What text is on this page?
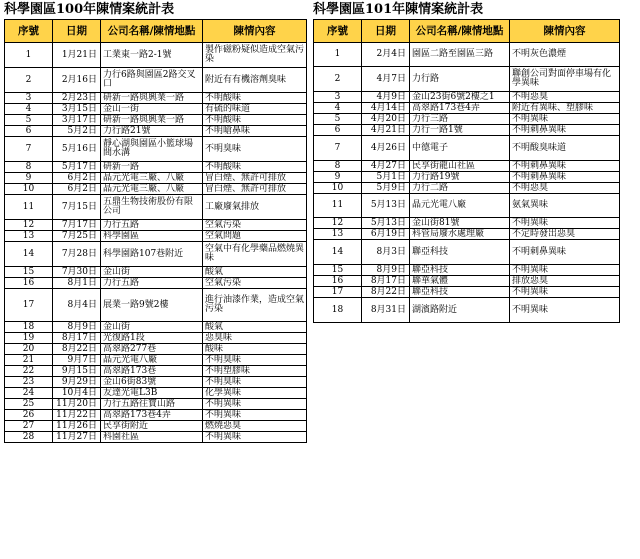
科學園區100年陳情案統計表
序號	日期	公司名稱/陳情地點	陳情內容
1	1月21日	工業東一路2-1號	製作磁粉疑似造成空氣污染
2	2月16日	力行6路與園區2路交叉口	附近有有機溶劑臭味
3	2月23日	研新一路與興業一路	不明酸味
4	3月15日	金山一街	有硫的味道
5	3月17日	研新一路與興業一路	不明酸味
6	5月2日	力行路21號	不明嗆鼻味
7	5月16日	靜心湖與園區小籃球場間水溝	不明臭味
8	5月17日	研新一路	不明酸味
9	6月2日	晶元光電三廠、八廠	冒白煙、無許可排放
10	6月2日	晶元光電三廠、八廠	冒白煙、無許可排放
11	7月15日	五鼎生物技術股份有限公司	工廠廢氣排放
12	7月17日	力行五路	空氣污染
13	7月25日	科學園區	空氣問題
14	7月28日	科學園路107巷附近	空氣中有化學藥品燃燒異味
15	7月30日	金山街	酸氣
16	8月1日	力行五路	空氣污染
17	8月4日	展業一路9號2樓	進行油漆作業，造成空氣污染
18	8月9日	金山街	酸氣
19	8月17日	光復路1段	惡臭味
20	8月22日	高翠路277巷	酸味
21	9月7日	晶元光電八廠	不明臭味
22	9月15日	高翠路173巷	不明塑膠味
23	9月29日	金山6街83號	不明臭味
24	10月4日	友達光電L3B	化學異味
25	11月20日	力行五路往寶山路	不明異味
26	11月22日	高翠路173巷4弄	不明異味
27	11月26日	民享街附近	燃燒惡臭
28	11月27日	科園社區	不明異味
科學園區101年陳情案統計表
序號	日期	公司名稱/陳情地點	陳情內容
1	2月4日	園區二路至園區三路	不明灰色濃煙
2	4月7日	力行路	聯創公司對面停車場有化學異味
3	4月9日	金山23街6號2樓之1	不明惡臭
4	4月14日	高翠路173巷4弄	附近有異味、塑膠味
5	4月20日	力行三路	不明異味
6	4月21日	力行一路1號	不明刺鼻異味
7	4月26日	中德電子	不明酸臭味道
8	4月27日	民享街龍山社區	不明刺鼻異味
9	5月1日	力行路19號	不明刺鼻異味
10	5月9日	力行二路	不明惡臭
11	5月13日	晶元光電八廠	氨氣異味
12	5月13日	金山街81號	不明異味
13	6月19日	科管局廢水處理廠	不定時發出惡臭
14	8月3日	聯亞科技	不明刺鼻異味
15	8月9日	聯亞科技	不明異味
16	8月17日	聯華氣體	排放惡臭
17	8月22日	聯亞科技	不明異味
18	8月31日	湖濱路附近	不明異味
